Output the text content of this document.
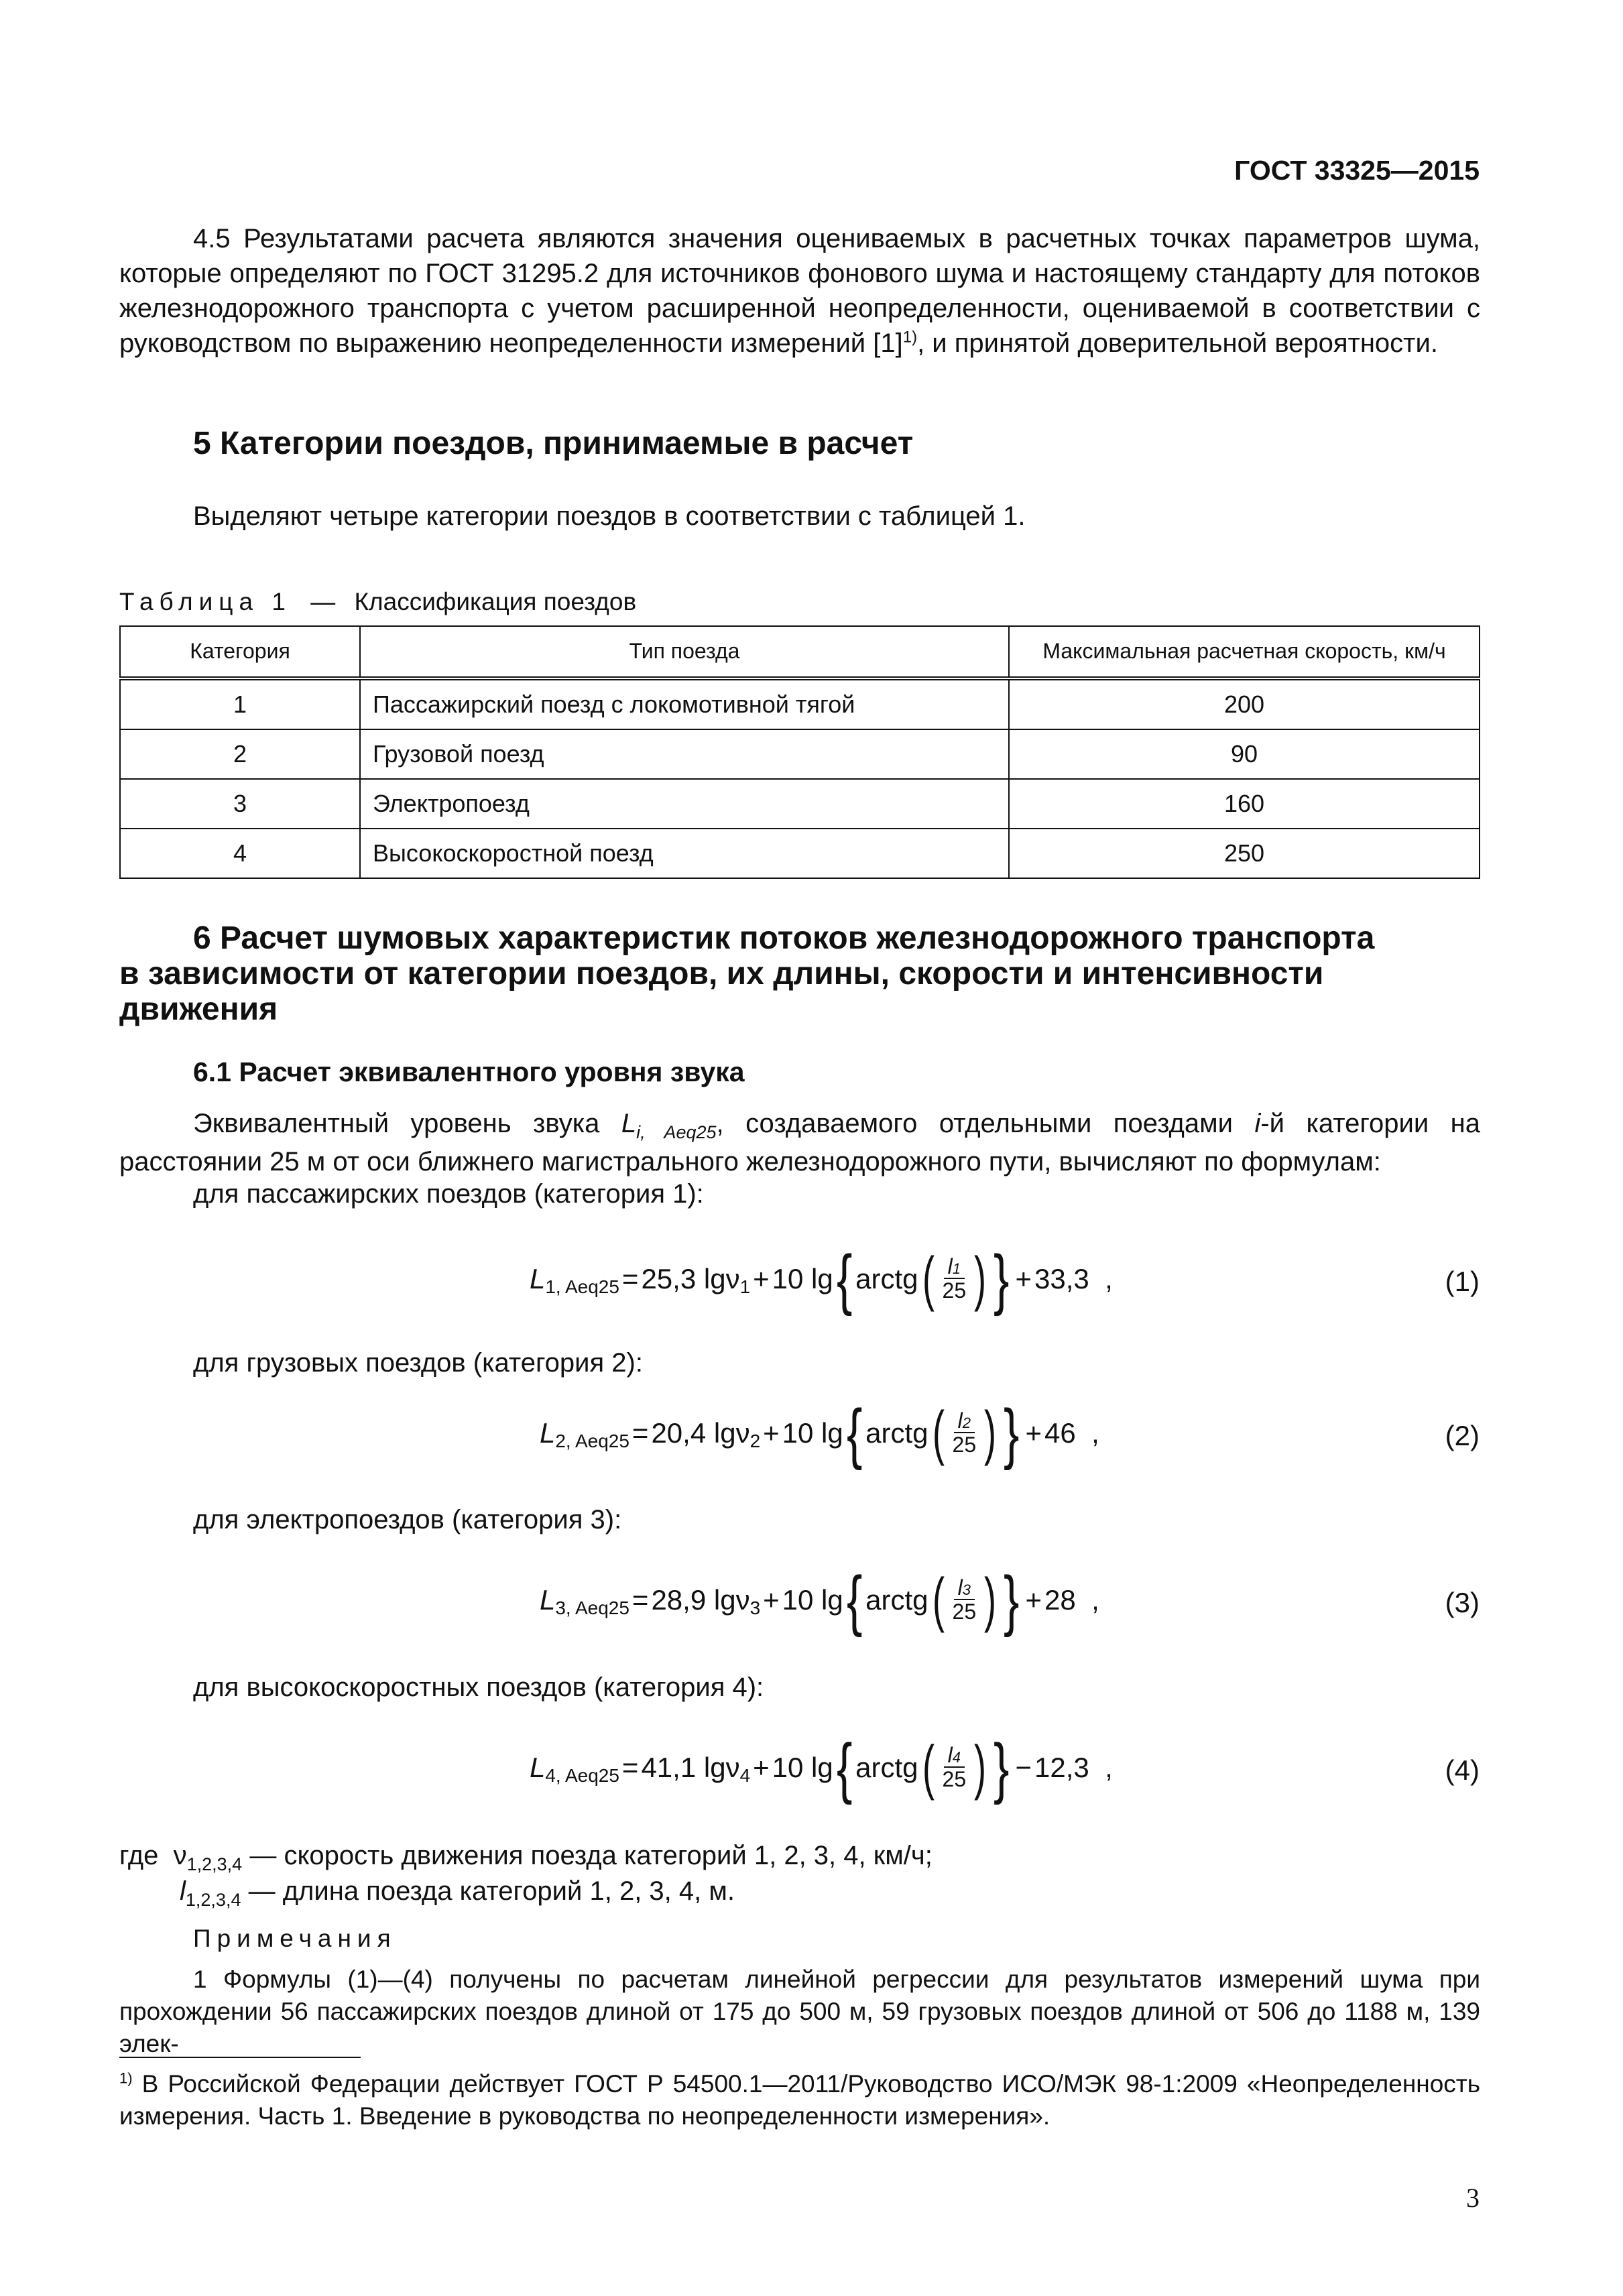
ГОСТ 33325—2015
4.5 Результатами расчета являются значения оцениваемых в расчетных точках параметров шума, которые определяют по ГОСТ 31295.2 для источников фонового шума и настоящему стандарту для потоков железнодорожного транспорта с учетом расширенной неопределенности, оцениваемой в соответствии с руководством по выражению неопределенности измерений $[1]^{1)}$, и принятой доверительной вероятности.
5 Категории поездов, принимаемые в расчет
Выделяют четыре категории поездов в соответствии с таблицей 1.
Таблица 1 — Классификация поездов
Категория	Тип поезда	Максимальная расчетная скорость, км/ч
1	Пассажирский поезд с локомотивной тягой	200
2	Грузовой поезд	90
3	Электропоезд	160
4	Высокоскоростной поезд	250
6 Расчет шумовых характеристик потоков железнодорожного транспорта
в зависимости от категории поездов, их длины, скорости и интенсивности
движения
6.1 Расчет эквивалентного уровня звука
Эквивалентный уровень звука $L_{i, Aeq25}$, создаваемого отдельными поездами i-й категории на расстоянии 25 м от оси ближнего магистрального железнодорожного пути, вычисляют по формулам:
для пассажирских поездов (категория 1):
L 1, Aeq25 = 25,3 lg ν 1 + 10 lg { arctg ( $\frac{l1}{25}$ ) } + 33,3 ,	(1)
для грузовых поездов (категория 2):
L 2, Aeq25 = 20,4 lg ν 2 + 10 lg { arctg ( $\frac{l2}{25}$ ) } + 46 ,	(2)
для электропоездов (категория 3):
L 3, Aeq25 = 28,9 lg ν 3 + 10 lg { arctg ( $\frac{l3}{25}$ ) } + 28 ,	(3)
для высокоскоростных поездов (категория 4):
L 4, Aeq25 = 41,1 lg ν 4 + 10 lg { arctg ( $\frac{l4}{25}$ ) } − 12,3 ,	(4)
где $\nu_{1,2,3,4}$ — скорость движения поезда категорий 1, 2, 3, 4, км/ч;
$l_{1,2,3,4}$ — длина поезда категорий 1, 2, 3, 4, м.
Примечания
1 Формулы (1)—(4) получены по расчетам линейной регрессии для результатов измерений шума при прохождении 56 пассажирских поездов длиной от 175 до 500 м, 59 грузовых поездов длиной от 506 до 1188 м, 139 элек-
$^{1)}$ В Российской Федерации действует ГОСТ Р 54500.1—2011/Руководство ИСО/МЭК 98-1:2009 «Неопределенность измерения. Часть 1. Введение в руководства по неопределенности измерения».
3
